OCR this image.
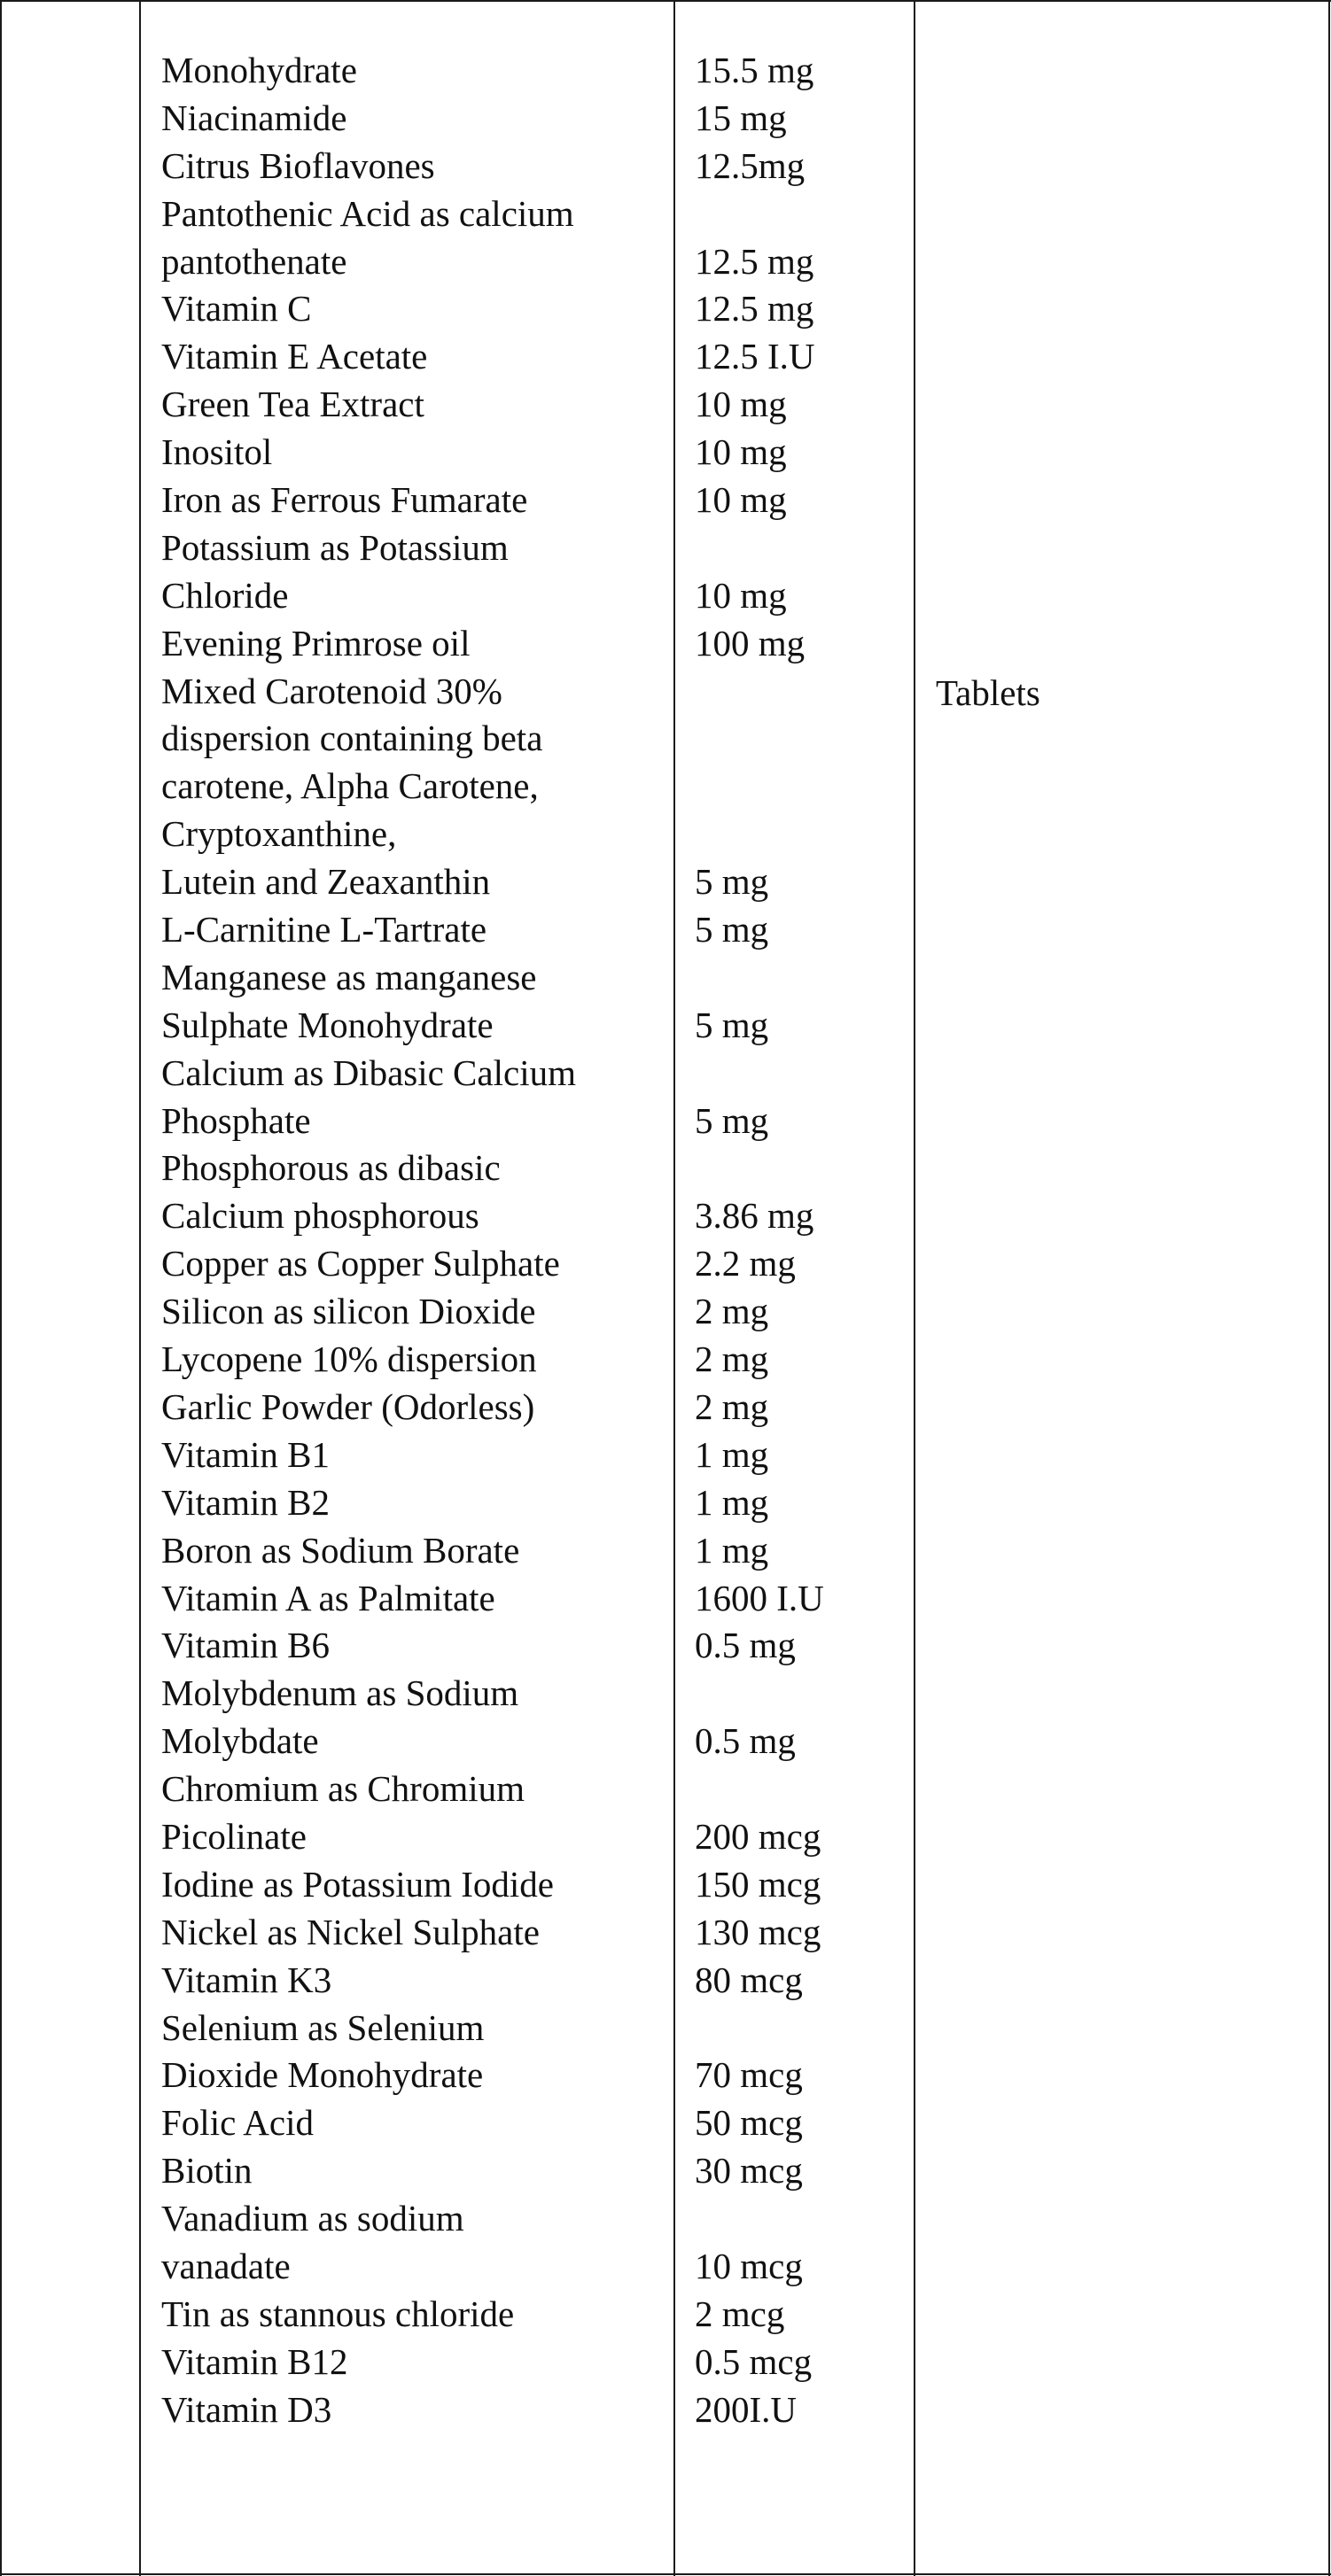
Monohydrate
Niacinamide
Citrus Bioflavones
Pantothenic Acid as calcium
pantothenate
Vitamin C
Vitamin E Acetate
Green Tea Extract
Inositol
Iron as Ferrous Fumarate
Potassium as Potassium
Chloride
Evening Primrose oil
Mixed Carotenoid 30%
dispersion containing beta
carotene, Alpha Carotene,
Cryptoxanthine,
Lutein and Zeaxanthin
L-Carnitine L-Tartrate
Manganese as manganese
Sulphate Monohydrate
Calcium as Dibasic Calcium
Phosphate
Phosphorous as dibasic
Calcium phosphorous
Copper as Copper Sulphate
Silicon as silicon Dioxide
Lycopene 10% dispersion
Garlic Powder (Odorless)
Vitamin B1
Vitamin B2
Boron as Sodium Borate
Vitamin A as Palmitate
Vitamin B6
Molybdenum as Sodium
Molybdate
Chromium as Chromium
Picolinate
Iodine as Potassium Iodide
Nickel as Nickel Sulphate
Vitamin K3
Selenium as Selenium
Dioxide Monohydrate
Folic Acid
Biotin
Vanadium as sodium
vanadate
Tin as stannous chloride
Vitamin B12
Vitamin D3
15.5 mg
15 mg
12.5mg
12.5 mg
12.5 mg
12.5 I.U
10 mg
10 mg
10 mg
10 mg
100 mg
5 mg
5 mg
5 mg
5 mg
3.86 mg
2.2 mg
2 mg
2 mg
2 mg
1 mg
1 mg
1 mg
1600 I.U
0.5 mg
0.5 mg
200 mcg
150 mcg
130 mcg
80 mcg
70 mcg
50 mcg
30 mcg
10 mcg
2 mcg
0.5 mcg
200I.U
Tablets
